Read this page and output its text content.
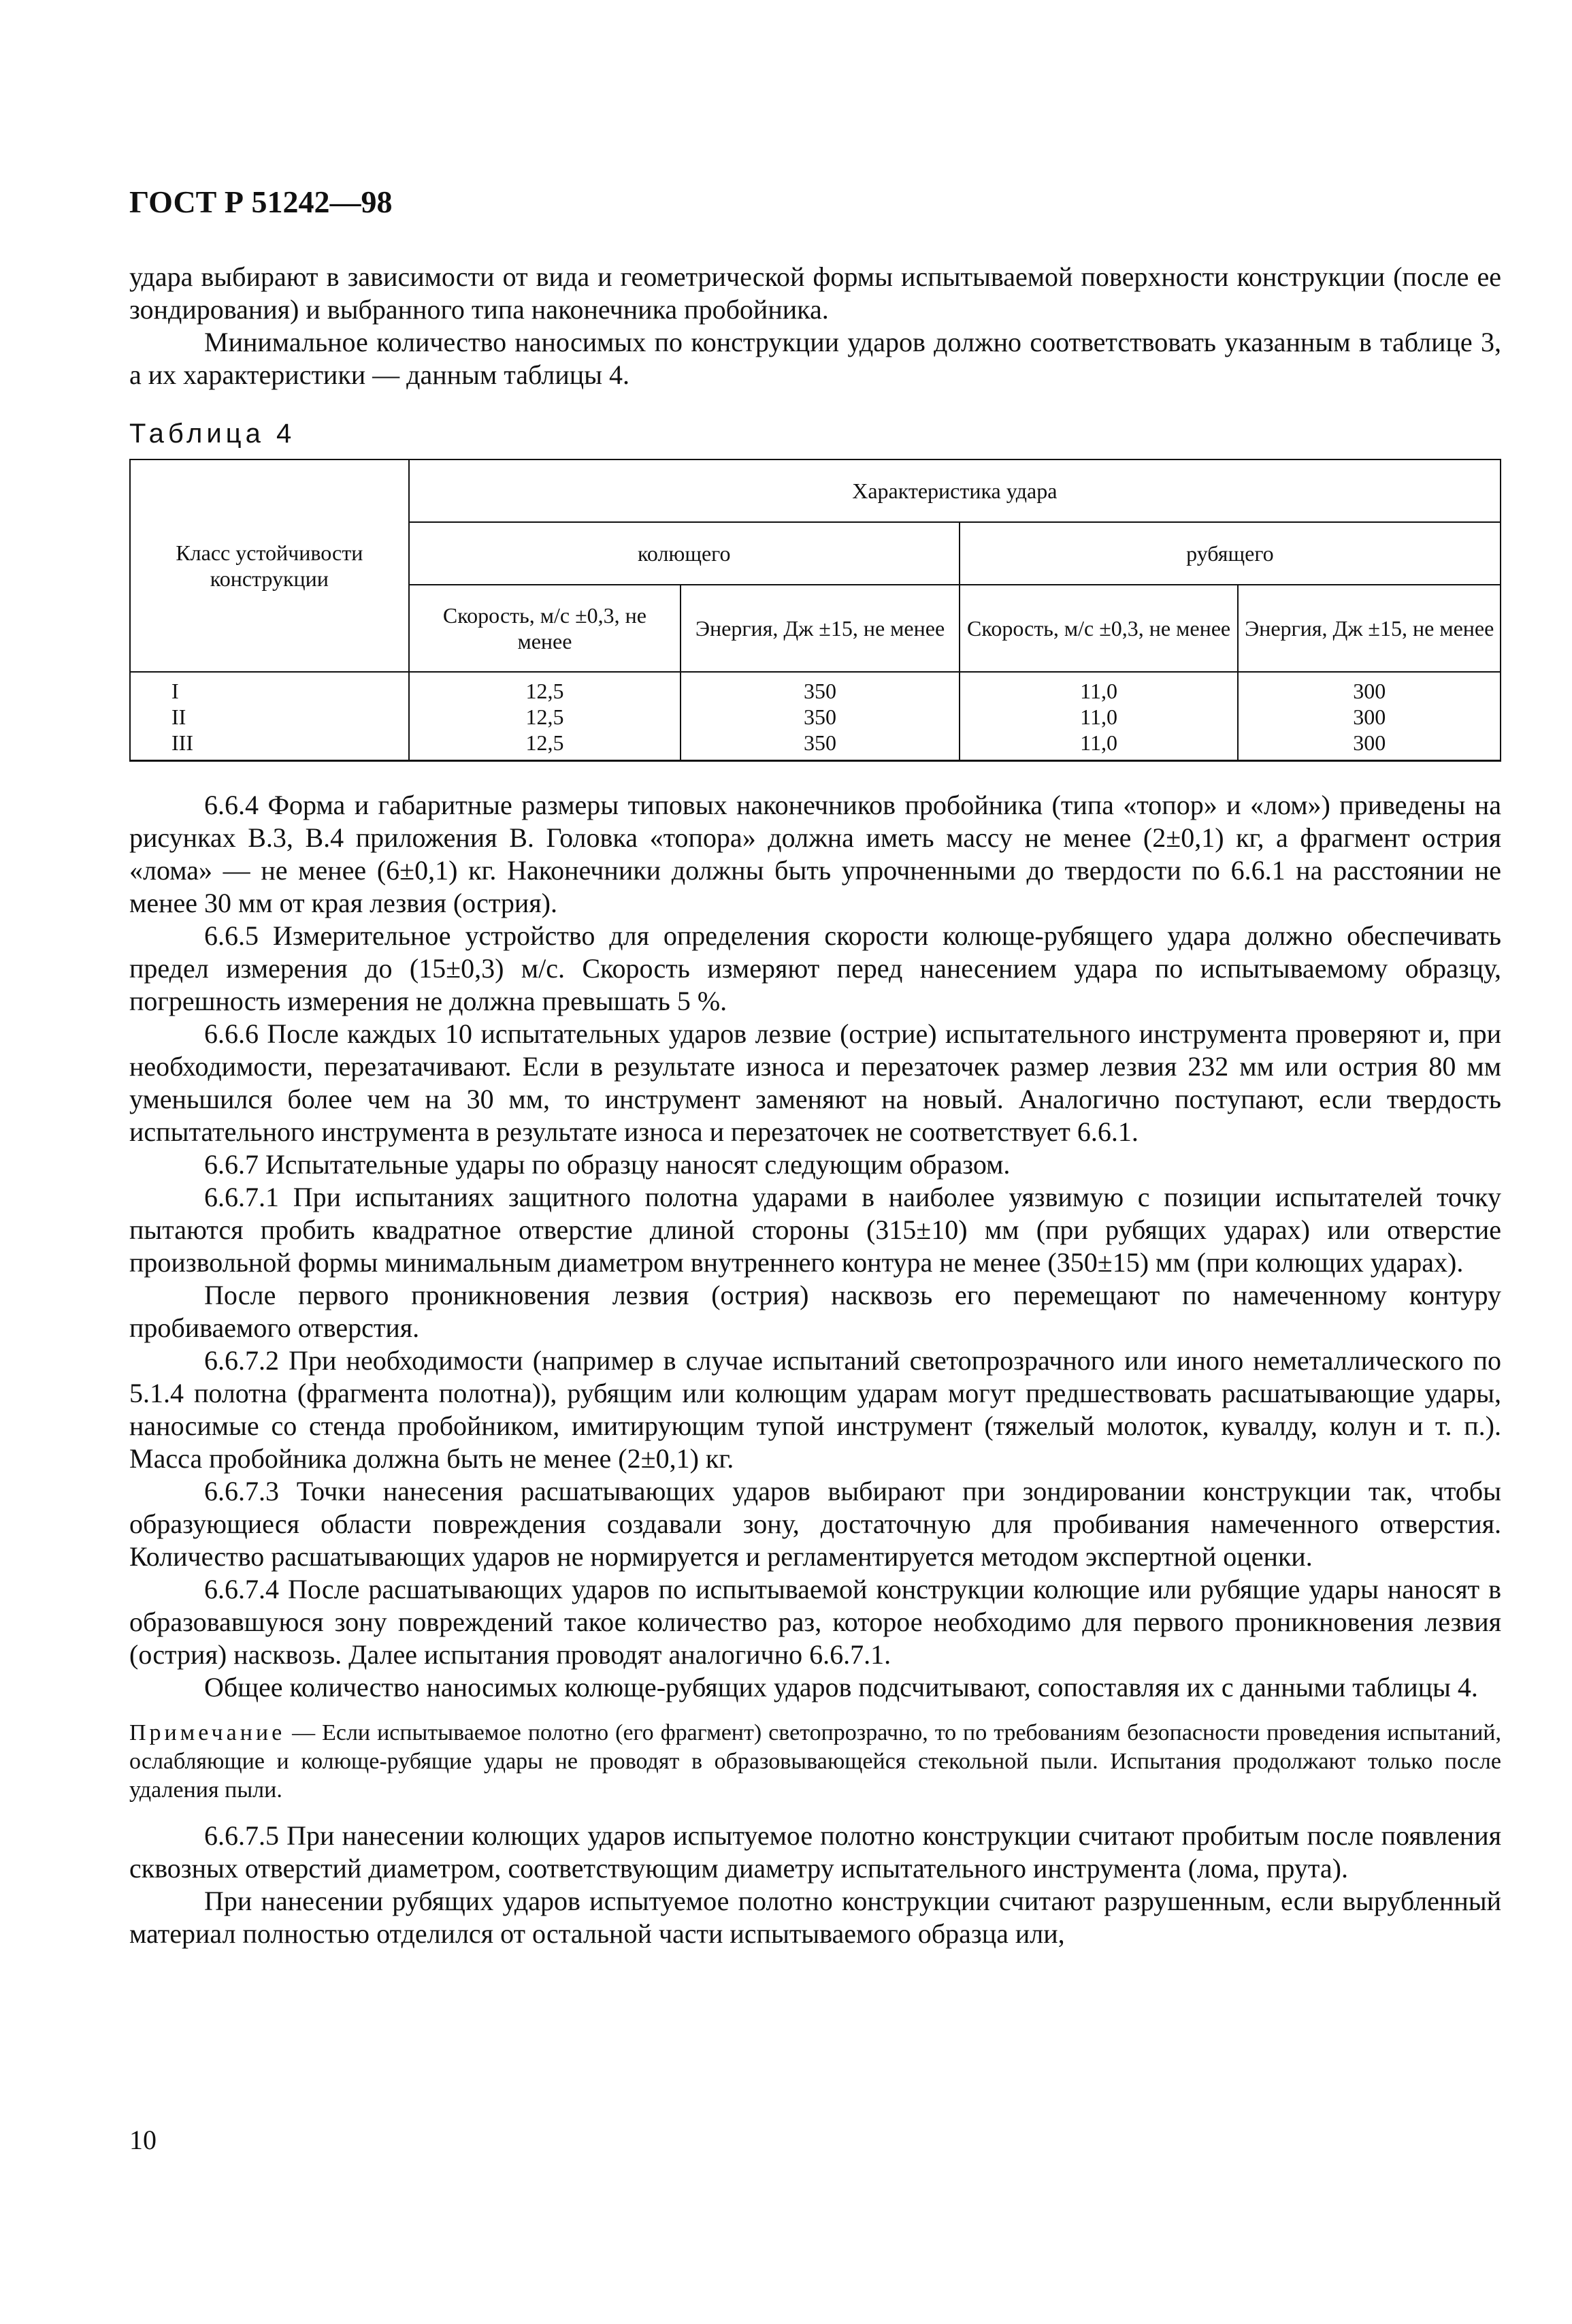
ГОСТ Р 51242—98

удара выбирают в зависимости от вида и геометрической формы испытываемой поверхности конструкции (после ее зондирования) и выбранного типа наконечника пробойника.

Минимальное количество наносимых по конструкции ударов должно соответствовать указанным в таблице 3, а их характеристики — данным таблицы 4.

Таблица 4
Класс устойчивости конструкции	Характеристика удара			
	колющего		рубящего	
	Скорость, м/с ±0,3, не менее	Энергия, Дж ±15, не менее	Скорость, м/с ±0,3, не менее	Энергия, Дж ±15, не менее
I	12,5	350	11,0	300
II	12,5	350	11,0	300
III	12,5	350	11,0	300

6.6.4 Форма и габаритные размеры типовых наконечников пробойника (типа «топор» и «лом») приведены на рисунках В.3, В.4 приложения В. Головка «топора» должна иметь массу не менее (2±0,1) кг, а фрагмент острия «лома» — не менее (6±0,1) кг. Наконечники должны быть упрочненными до твердости по 6.6.1 на расстоянии не менее 30 мм от края лезвия (острия).

6.6.5 Измерительное устройство для определения скорости колюще-рубящего удара должно обеспечивать предел измерения до (15±0,3) м/с. Скорость измеряют перед нанесением удара по испытываемому образцу, погрешность измерения не должна превышать 5 %.

6.6.6 После каждых 10 испытательных ударов лезвие (острие) испытательного инструмента проверяют и, при необходимости, перезатачивают. Если в результате износа и перезаточек размер лезвия 232 мм или острия 80 мм уменьшился более чем на 30 мм, то инструмент заменяют на новый. Аналогично поступают, если твердость испытательного инструмента в результате износа и перезаточек не соответствует 6.6.1.

6.6.7 Испытательные удары по образцу наносят следующим образом.

6.6.7.1 При испытаниях защитного полотна ударами в наиболее уязвимую с позиции испытателей точку пытаются пробить квадратное отверстие длиной стороны (315±10) мм (при рубящих ударах) или отверстие произвольной формы минимальным диаметром внутреннего контура не менее (350±15) мм (при колющих ударах).

После первого проникновения лезвия (острия) насквозь его перемещают по намеченному контуру пробиваемого отверстия.

6.6.7.2 При необходимости (например в случае испытаний светопрозрачного или иного неметаллического по 5.1.4 полотна (фрагмента полотна)), рубящим или колющим ударам могут предшествовать расшатывающие удары, наносимые со стенда пробойником, имитирующим тупой инструмент (тяжелый молоток, кувалду, колун и т. п.). Масса пробойника должна быть не менее (2±0,1) кг.

6.6.7.3 Точки нанесения расшатывающих ударов выбирают при зондировании конструкции так, чтобы образующиеся области повреждения создавали зону, достаточную для пробивания намеченного отверстия. Количество расшатывающих ударов не нормируется и регламентируется методом экспертной оценки.

6.6.7.4 После расшатывающих ударов по испытываемой конструкции колющие или рубящие удары наносят в образовавшуюся зону повреждений такое количество раз, которое необходимо для первого проникновения лезвия (острия) насквозь. Далее испытания проводят аналогично 6.6.7.1.

Общее количество наносимых колюще-рубящих ударов подсчитывают, сопоставляя их с данными таблицы 4.

Примечание — Если испытываемое полотно (его фрагмент) светопрозрачно, то по требованиям безопасности проведения испытаний, ослабляющие и колюще-рубящие удары не проводят в образовывающейся стекольной пыли. Испытания продолжают только после удаления пыли.

6.6.7.5 При нанесении колющих ударов испытуемое полотно конструкции считают пробитым после появления сквозных отверстий диаметром, соответствующим диаметру испытательного инструмента (лома, прута).

При нанесении рубящих ударов испытуемое полотно конструкции считают разрушенным, если вырубленный материал полностью отделился от остальной части испытываемого образца или,

10
